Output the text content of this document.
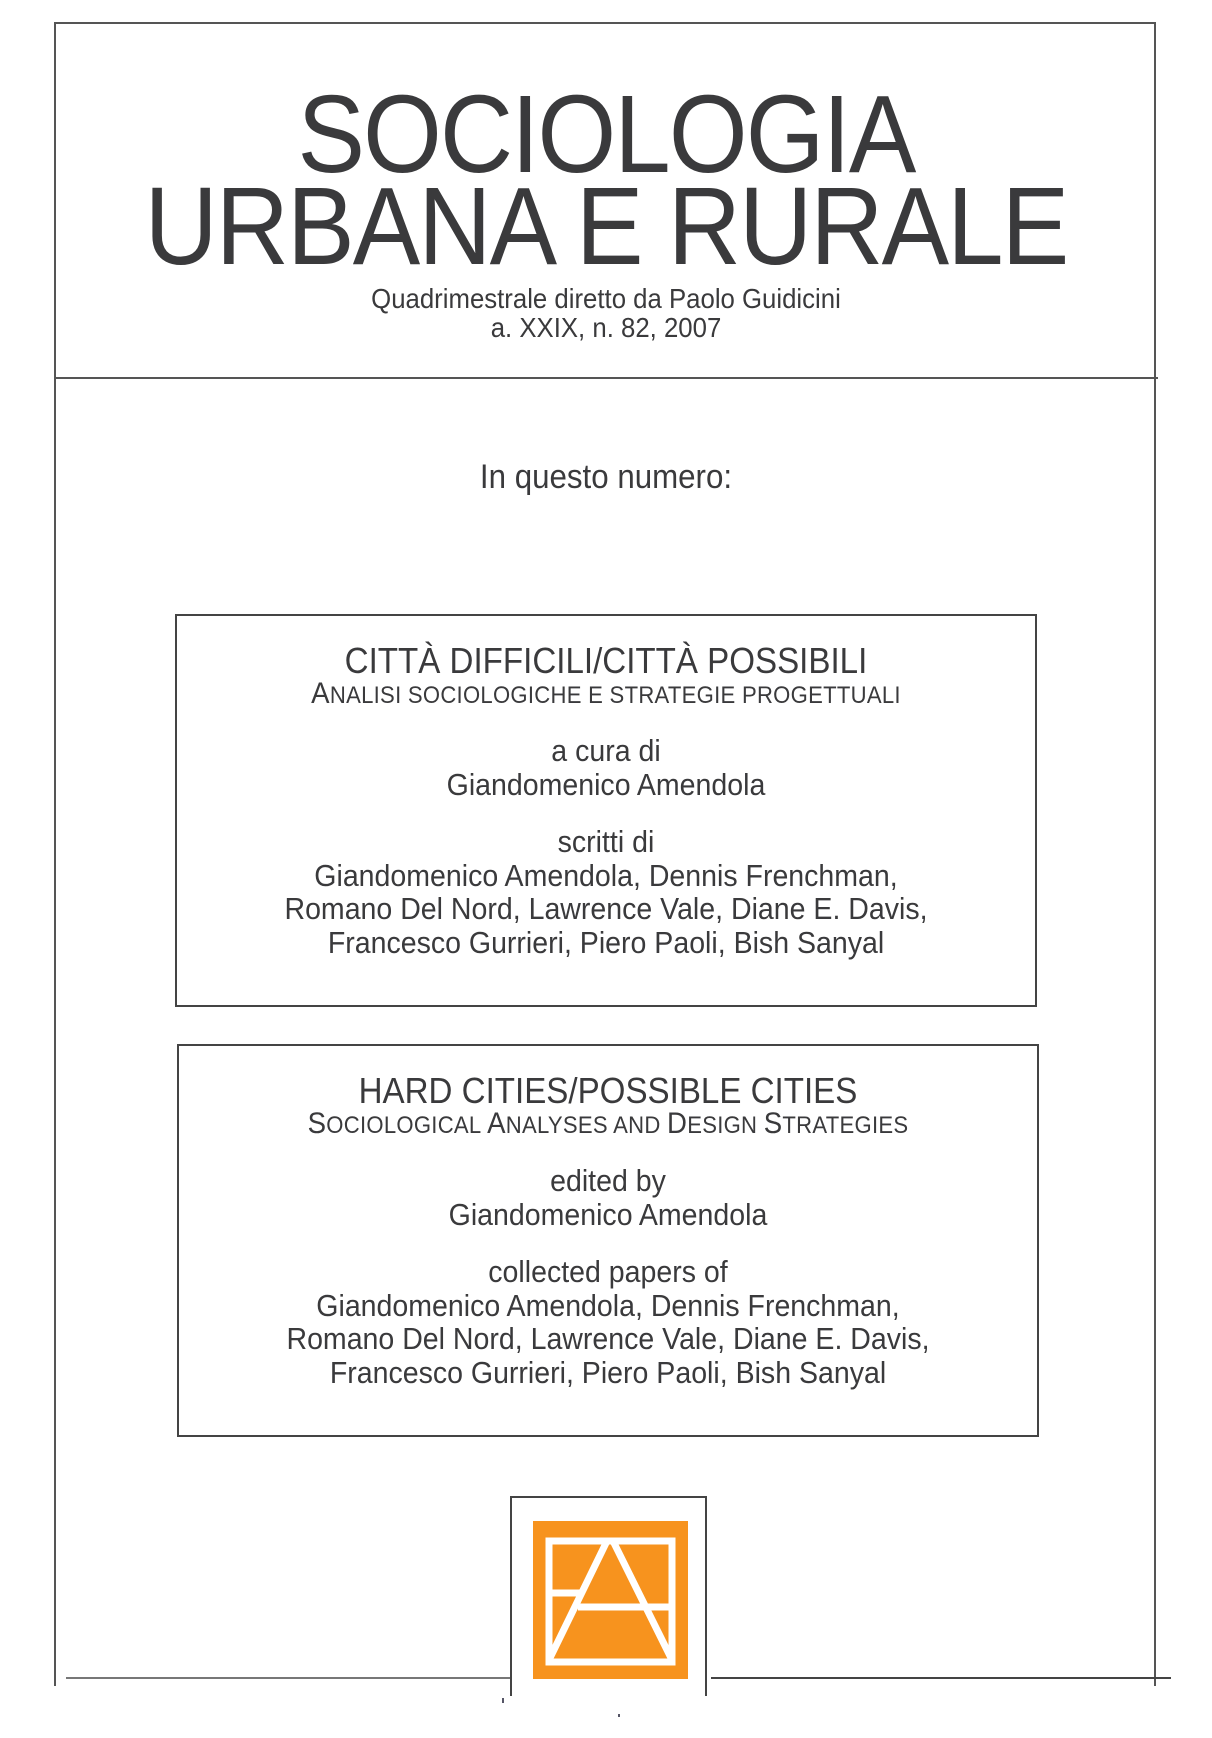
SOCIOLOGIA
URBANA E RURALE
Quadrimestrale diretto da Paolo Guidicini
a. XXIX, n. 82, 2007
In questo numero:
CITTÀ DIFFICILI/CITTÀ POSSIBILI
ANALISI SOCIOLOGICHE E STRATEGIE PROGETTUALI
a cura di
Giandomenico Amendola
scritti di
Giandomenico Amendola, Dennis Frenchman,
Romano Del Nord, Lawrence Vale, Diane E. Davis,
Francesco Gurrieri, Piero Paoli, Bish Sanyal
HARD CITIES/POSSIBLE CITIES
SOCIOLOGICAL ANALYSES AND DESIGN STRATEGIES
edited by
Giandomenico Amendola
collected papers of
Giandomenico Amendola, Dennis Frenchman,
Romano Del Nord, Lawrence Vale, Diane E. Davis,
Francesco Gurrieri, Piero Paoli, Bish Sanyal
